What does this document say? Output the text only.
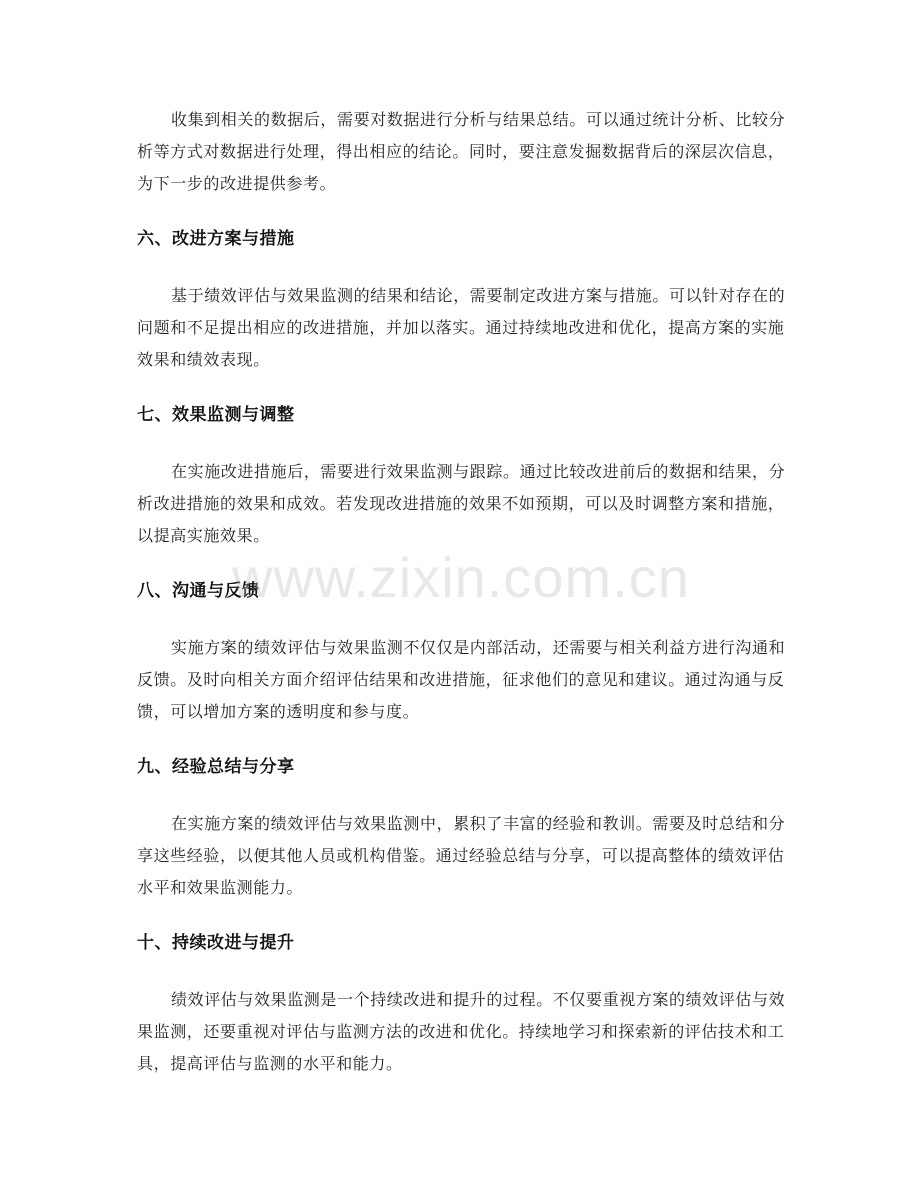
收集到相关的数据后，需要对数据进行分析与结果总结。可以通过统计分析、比较分析等方式对数据进行处理，得出相应的结论。同时，要注意发掘数据背后的深层次信息，为下一步的改进提供参考。

六、改进方案与措施

基于绩效评估与效果监测的结果和结论，需要制定改进方案与措施。可以针对存在的问题和不足提出相应的改进措施，并加以落实。通过持续地改进和优化，提高方案的实施效果和绩效表现。

七、效果监测与调整

在实施改进措施后，需要进行效果监测与跟踪。通过比较改进前后的数据和结果，分析改进措施的效果和成效。若发现改进措施的效果不如预期，可以及时调整方案和措施，以提高实施效果。

八、沟通与反馈

实施方案的绩效评估与效果监测不仅仅是内部活动，还需要与相关利益方进行沟通和反馈。及时向相关方面介绍评估结果和改进措施，征求他们的意见和建议。通过沟通与反馈，可以增加方案的透明度和参与度。

九、经验总结与分享

在实施方案的绩效评估与效果监测中，累积了丰富的经验和教训。需要及时总结和分享这些经验，以便其他人员或机构借鉴。通过经验总结与分享，可以提高整体的绩效评估水平和效果监测能力。

十、持续改进与提升

绩效评估与效果监测是一个持续改进和提升的过程。不仅要重视方案的绩效评估与效果监测，还要重视对评估与监测方法的改进和优化。持续地学习和探索新的评估技术和工具，提高评估与监测的水平和能力。

www.zixin.com.cn
